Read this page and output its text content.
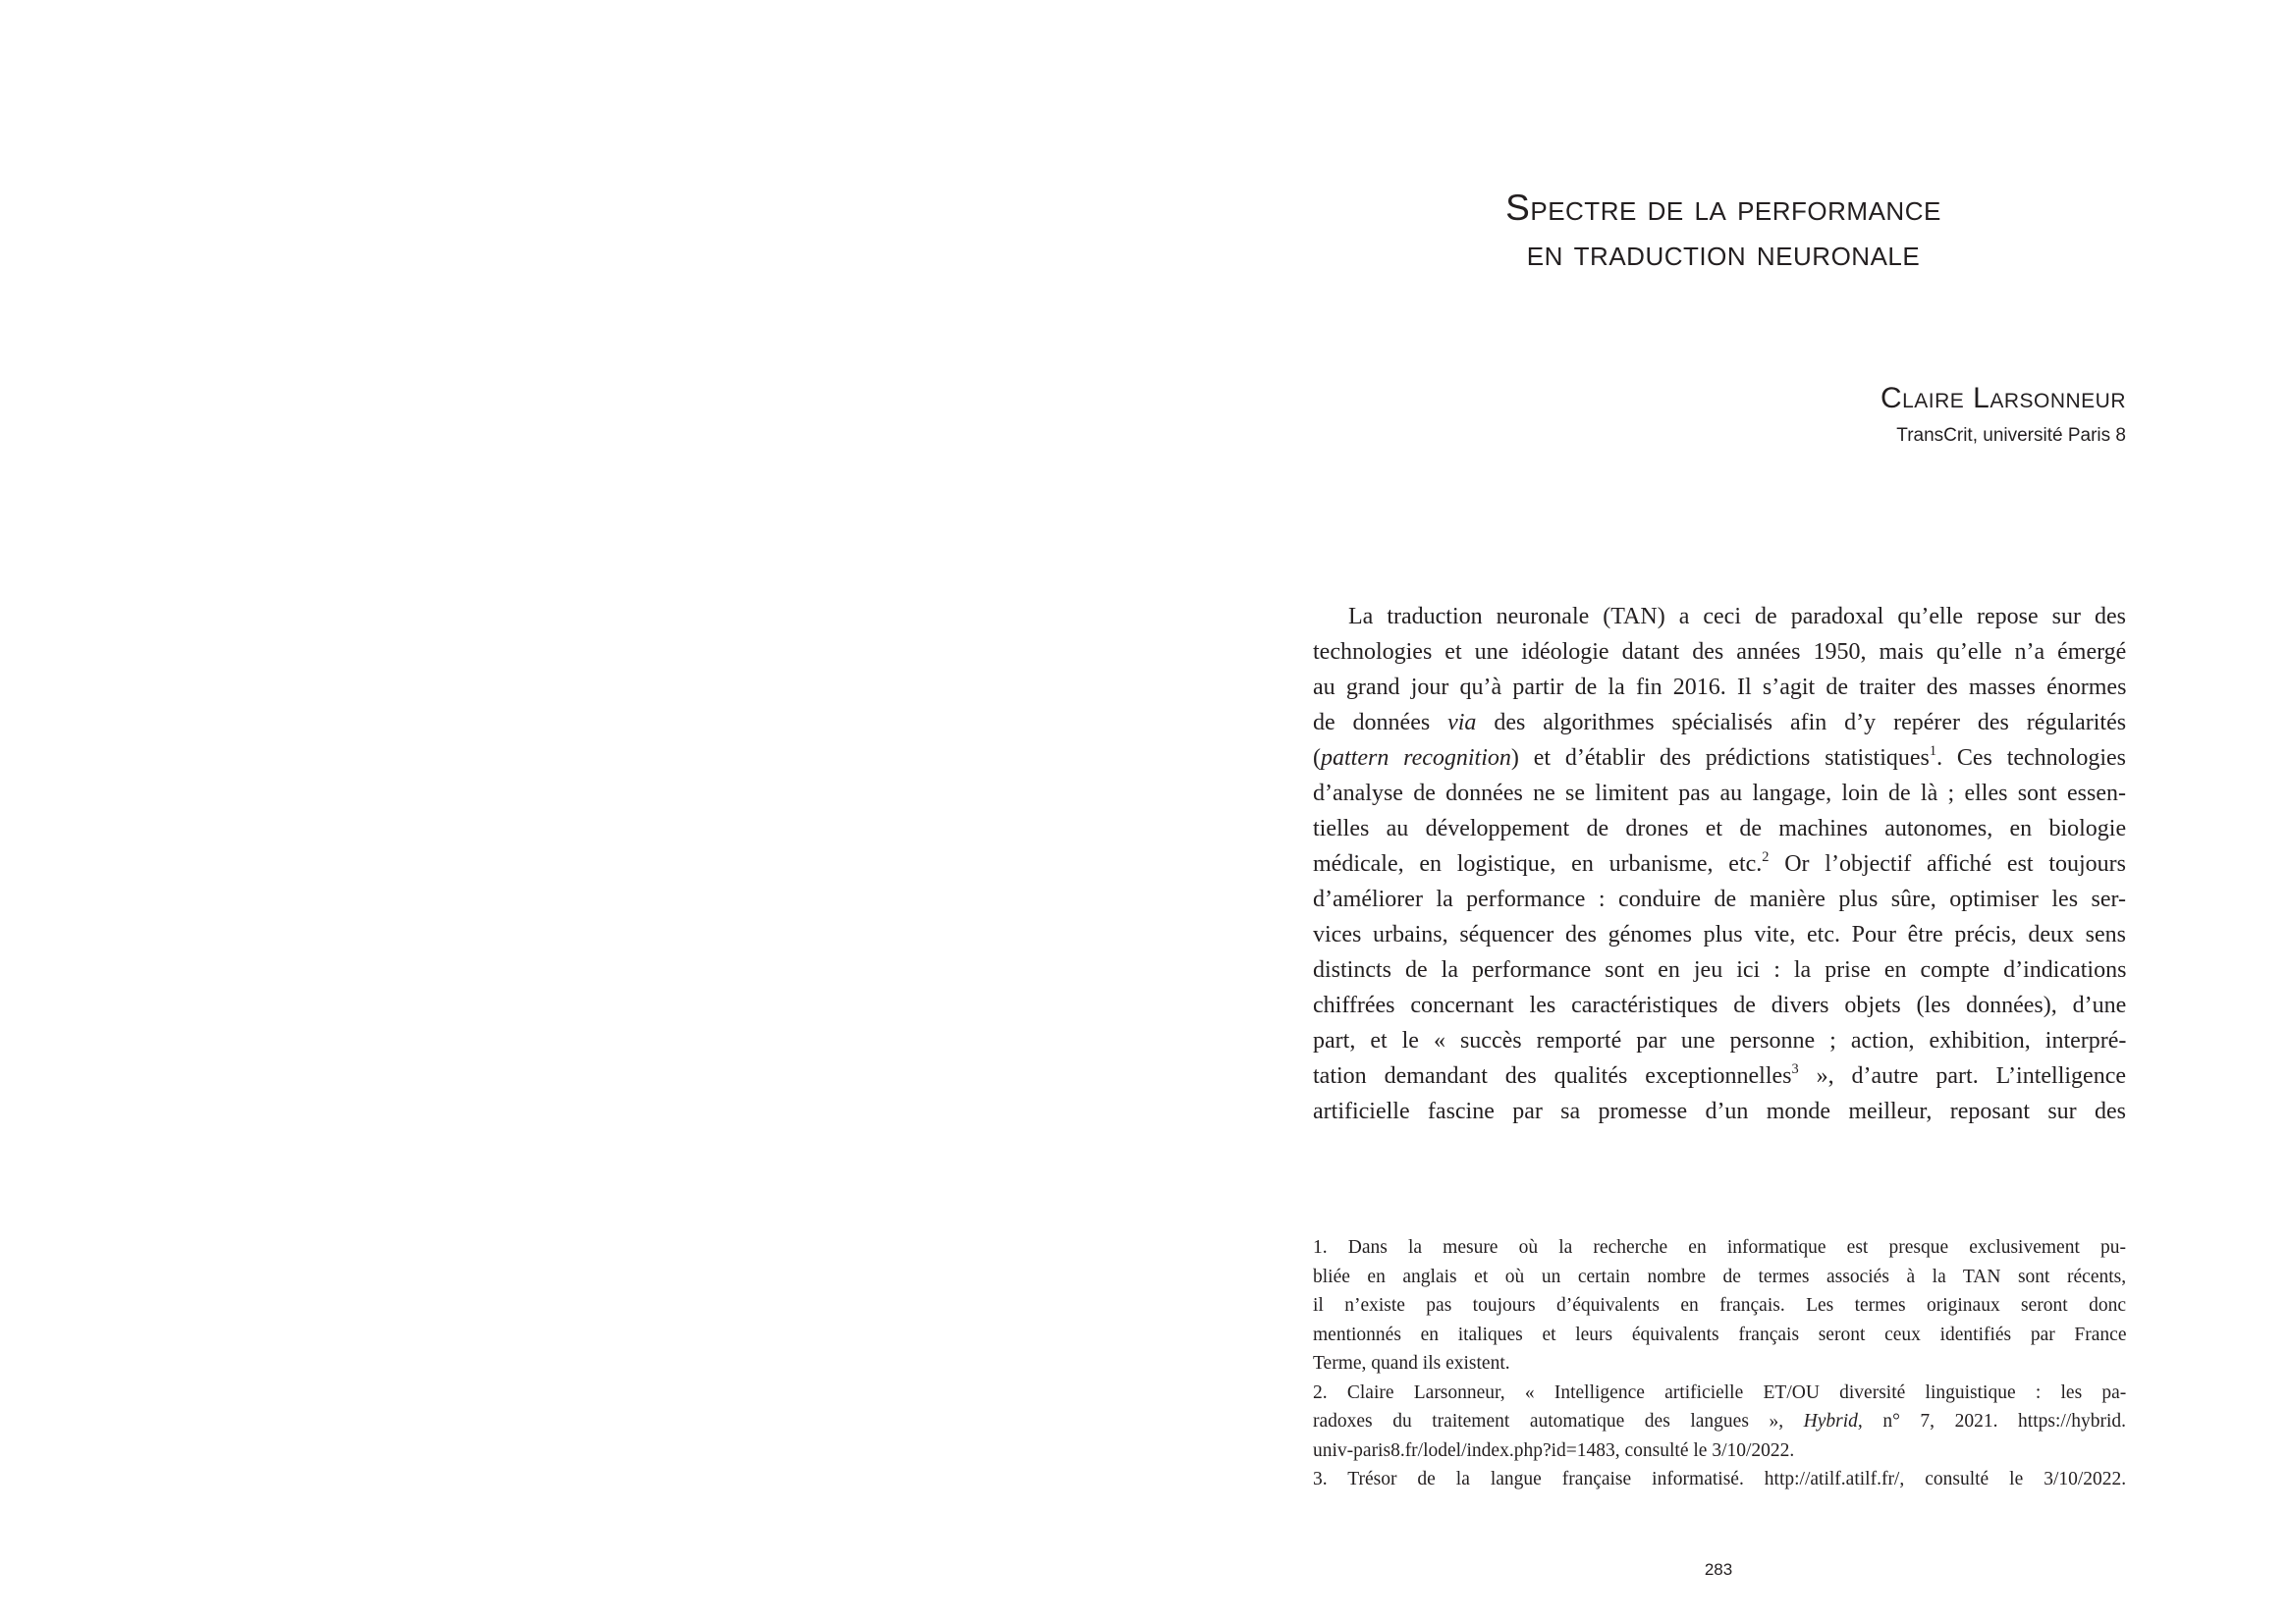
Spectre de la performance
en traduction neuronale
Claire Larsonneur
TransCrit, université Paris 8
La traduction neuronale (TAN) a ceci de paradoxal qu’elle repose sur des
technologies et une idéologie datant des années 1950, mais qu’elle n’a émergé
au grand jour qu’à partir de la fin 2016. Il s’agit de traiter des masses énormes
de données via des algorithmes spécialisés afin d’y repérer des régularités
(pattern recognition) et d’établir des prédictions statistiques$^1$. Ces technologies
d’analyse de données ne se limitent pas au langage, loin de là ; elles sont essen-
tielles au développement de drones et de machines autonomes, en biologie
médicale, en logistique, en urbanisme, etc.$^2$ Or l’objectif affiché est toujours
d’améliorer la performance : conduire de manière plus sûre, optimiser les ser-
vices urbains, séquencer des génomes plus vite, etc. Pour être précis, deux sens
distincts de la performance sont en jeu ici : la prise en compte d’indications
chiffrées concernant les caractéristiques de divers objets (les données), d’une
part, et le « succès remporté par une personne ; action, exhibition, interpré-
tation demandant des qualités exceptionnelles$^3$ », d’autre part. L’intelligence
artificielle fascine par sa promesse d’un monde meilleur, reposant sur des
1. Dans la mesure où la recherche en informatique est presque exclusivement pu-
bliée en anglais et où un certain nombre de termes associés à la TAN sont récents,
il n’existe pas toujours d’équivalents en français. Les termes originaux seront donc
mentionnés en italiques et leurs équivalents français seront ceux identifiés par France
Terme, quand ils existent.
2. Claire Larsonneur, « Intelligence artificielle ET/OU diversité linguistique : les pa-
radoxes du traitement automatique des langues », Hybrid, n° 7, 2021. https://hybrid.
univ-paris8.fr/lodel/index.php?id=1483, consulté le 3/10/2022.
3. Trésor de la langue française informatisé. http://atilf.atilf.fr/, consulté le 3/10/2022.
283
